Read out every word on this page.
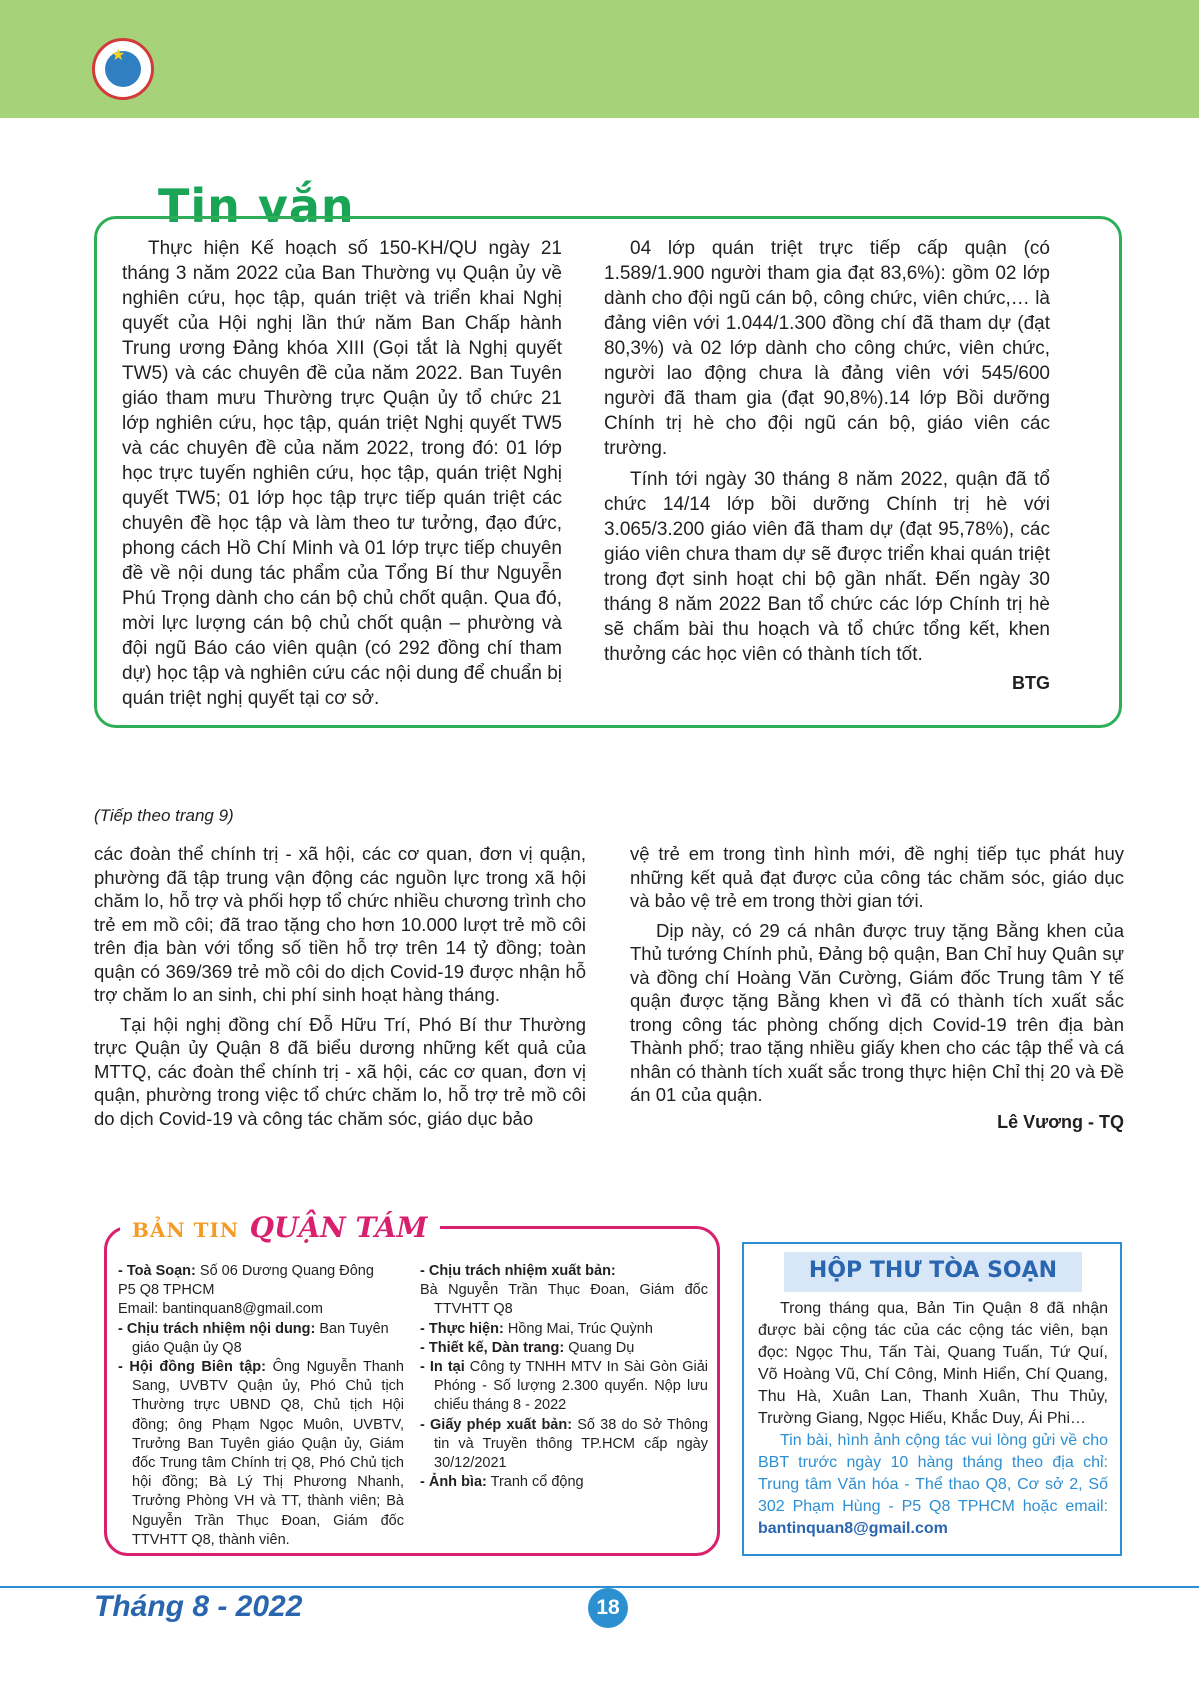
★
Tin vắn

Thực hiện Kế hoạch số 150-KH/QU ngày 21 tháng 3 năm 2022 của Ban Thường vụ Quận ủy về nghiên cứu, học tập, quán triệt và triển khai Nghị quyết của Hội nghị lần thứ năm Ban Chấp hành Trung ương Đảng khóa XIII (Gọi tắt là Nghị quyết TW5) và các chuyên đề của năm 2022. Ban Tuyên giáo tham mưu Thường trực Quận ủy tổ chức 21 lớp nghiên cứu, học tập, quán triệt Nghị quyết TW5 và các chuyên đề của năm 2022, trong đó: 01 lớp học trực tuyến nghiên cứu, học tập, quán triệt Nghị quyết TW5; 01 lớp học tập trực tiếp quán triệt các chuyên đề học tập và làm theo tư tưởng, đạo đức, phong cách Hồ Chí Minh và 01 lớp trực tiếp chuyên đề về nội dung tác phẩm của Tổng Bí thư Nguyễn Phú Trọng dành cho cán bộ chủ chốt quận. Qua đó, mời lực lượng cán bộ chủ chốt quận – phường và đội ngũ Báo cáo viên quận (có 292 đồng chí tham dự) học tập và nghiên cứu các nội dung để chuẩn bị quán triệt nghị quyết tại cơ sở.

04 lớp quán triệt trực tiếp cấp quận (có 1.589/1.900 người tham gia đạt 83,6%): gồm 02 lớp dành cho đội ngũ cán bộ, công chức, viên chức,… là đảng viên với 1.044/1.300 đồng chí đã tham dự (đạt 80,3%) và 02 lớp dành cho công chức, viên chức, người lao động chưa là đảng viên với 545/600 người đã tham gia (đạt 90,8%).14 lớp Bồi dưỡng Chính trị hè cho đội ngũ cán bộ, giáo viên các trường.

Tính tới ngày 30 tháng 8 năm 2022, quận đã tổ chức 14/14 lớp bồi dưỡng Chính trị hè với 3.065/3.200 giáo viên đã tham dự (đạt 95,78%), các giáo viên chưa tham dự sẽ được triển khai quán triệt trong đợt sinh hoạt chi bộ gần nhất. Đến ngày 30 tháng 8 năm 2022 Ban tổ chức các lớp Chính trị hè sẽ chấm bài thu hoạch và tổ chức tổng kết, khen thưởng các học viên có thành tích tốt.

BTG
(Tiếp theo trang 9)

các đoàn thể chính trị - xã hội, các cơ quan, đơn vị quận, phường đã tập trung vận động các nguồn lực trong xã hội chăm lo, hỗ trợ và phối hợp tổ chức nhiều chương trình cho trẻ em mồ côi; đã trao tặng cho hơn 10.000 lượt trẻ mồ côi trên địa bàn với tổng số tiền hỗ trợ trên 14 tỷ đồng; toàn quận có 369/369 trẻ mồ côi do dịch Covid-19 được nhận hỗ trợ chăm lo an sinh, chi phí sinh hoạt hàng tháng.

Tại hội nghị đồng chí Đỗ Hữu Trí, Phó Bí thư Thường trực Quận ủy Quận 8 đã biểu dương những kết quả của MTTQ, các đoàn thể chính trị - xã hội, các cơ quan, đơn vị quận, phường trong việc tổ chức chăm lo, hỗ trợ trẻ mồ côi do dịch Covid-19 và công tác chăm sóc, giáo dục bảo

vệ trẻ em trong tình hình mới, đề nghị tiếp tục phát huy những kết quả đạt được của công tác chăm sóc, giáo dục và bảo vệ trẻ em trong thời gian tới.

Dịp này, có 29 cá nhân được truy tặng Bằng khen của Thủ tướng Chính phủ, Đảng bộ quận, Ban Chỉ huy Quân sự và đồng chí Hoàng Văn Cường, Giám đốc Trung tâm Y tế quận được tặng Bằng khen vì đã có thành tích xuất sắc trong công tác phòng chống dịch Covid-19 trên địa bàn Thành phố; trao tặng nhiều giấy khen cho các tập thể và cá nhân có thành tích xuất sắc trong thực hiện Chỉ thị 20 và Đề án 01 của quận.

Lê Vương - TQ
BẢN TIN QUẬN TÁM
- Toà Soạn: Số 06 Dương Quang Đông
P5 Q8 TPHCM
Email: bantinquan8@gmail.com
- Chịu trách nhiệm nội dung: Ban Tuyên giáo Quận ủy Q8
- Hội đồng Biên tập: Ông Nguyễn Thanh Sang, UVBTV Quận ủy, Phó Chủ tịch Thường trực UBND Q8, Chủ tịch Hội đồng; ông Phạm Ngọc Muôn, UVBTV, Trưởng Ban Tuyên giáo Quận ủy, Giám đốc Trung tâm Chính trị Q8, Phó Chủ tịch hội đồng; Bà Lý Thị Phương Nhanh, Trưởng Phòng VH và TT, thành viên; Bà Nguyễn Trần Thục Đoan, Giám đốc TTVHTT Q8, thành viên.
- Chịu trách nhiệm xuất bản:
Bà Nguyễn Trần Thục Đoan, Giám đốc TTVHTT Q8
- Thực hiện: Hồng Mai, Trúc Quỳnh
- Thiết kế, Dàn trang: Quang Dụ
- In tại Công ty TNHH MTV In Sài Gòn Giải Phóng - Số lượng 2.300 quyển. Nộp lưu chiểu tháng 8 - 2022
- Giấy phép xuất bản: Số 38 do Sở Thông tin và Truyền thông TP.HCM cấp ngày 30/12/2021
- Ảnh bìa: Tranh cổ động
HỘP THƯ TÒA SOẠN

Trong tháng qua, Bản Tin Quận 8 đã nhận được bài cộng tác của các cộng tác viên, bạn đọc: Ngọc Thu, Tấn Tài, Quang Tuấn, Tứ Quí, Võ Hoàng Vũ, Chí Công, Minh Hiển, Chí Quang, Thu Hà, Xuân Lan, Thanh Xuân, Thu Thủy, Trường Giang, Ngọc Hiếu, Khắc Duy, Ái Phi…

Tin bài, hình ảnh cộng tác vui lòng gửi về cho BBT trước ngày 10 hàng tháng theo địa chỉ: Trung tâm Văn hóa - Thể thao Q8, Cơ sở 2, Số 302 Phạm Hùng - P5 Q8 TPHCM hoặc email: bantinquan8@gmail.com

Tháng 8 - 2022	18
